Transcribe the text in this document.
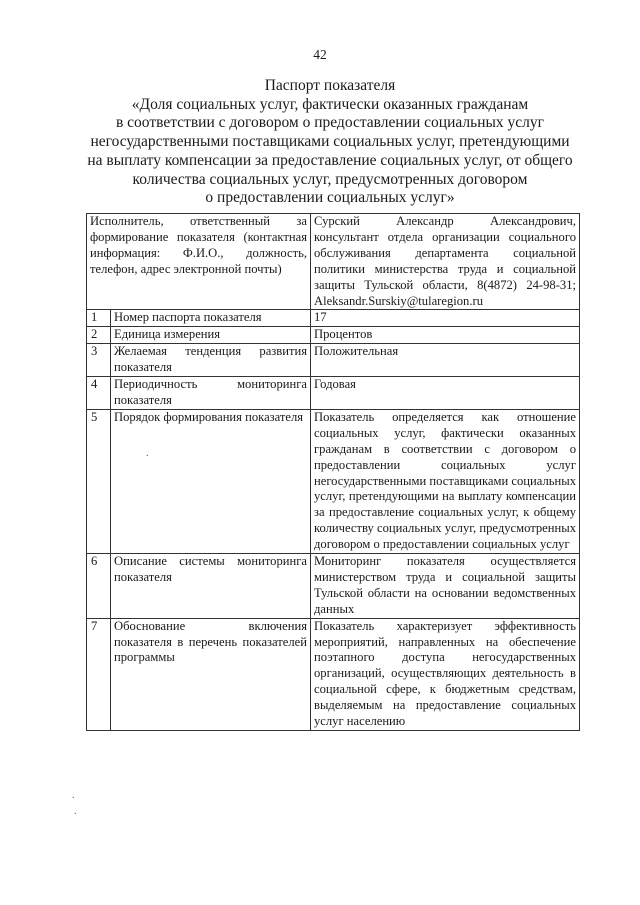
42
Паспорт показателя
«Доля социальных услуг, фактически оказанных гражданам
в соответствии с договором о предоставлении социальных услуг
негосударственными поставщиками социальных услуг, претендующими
на выплату компенсации за предоставление социальных услуг, от общего
количества социальных услуг, предусмотренных договором
о предоставлении социальных услуг»
Исполнитель, ответственный за формирование показателя (контактная информация: Ф.И.О., должность, телефон, адрес электронной почты)		Сурский Александр Александрович, консультант отдела организации социального обслуживания департамента социальной политики министерства труда и социальной защиты Тульской области, 8(4872) 24-98-31; Aleksandr.Surskiy@tularegion.ru
1	Номер паспорта показателя	17
2	Единица измерения	Процентов
3	Желаемая тенденция развития показателя	Положительная
4	Периодичность мониторинга показателя	Годовая
5	Порядок формирования показателя	Показатель определяется как отношение социальных услуг, фактически оказанных гражданам в соответствии с договором о предоставлении социальных услуг негосударственными поставщиками социальных услуг, претендующими на выплату компенсации за предоставление социальных услуг, к общему количеству социальных услуг, предусмотренных договором о предоставлении социальных услуг
6	Описание системы мониторинга показателя	Мониторинг показателя осуществляется министерством труда и социальной защиты Тульской области на основании ведомственных данных
7	Обоснование включения показателя в перечень показателей программы	Показатель характеризует эффективность мероприятий, направленных на обеспечение поэтапного доступа негосударственных организаций, осуществляющих деятельность в социальной сфере, к бюджетным средствам, выделяемым на предоставление социальных услуг населению
.
.
.
